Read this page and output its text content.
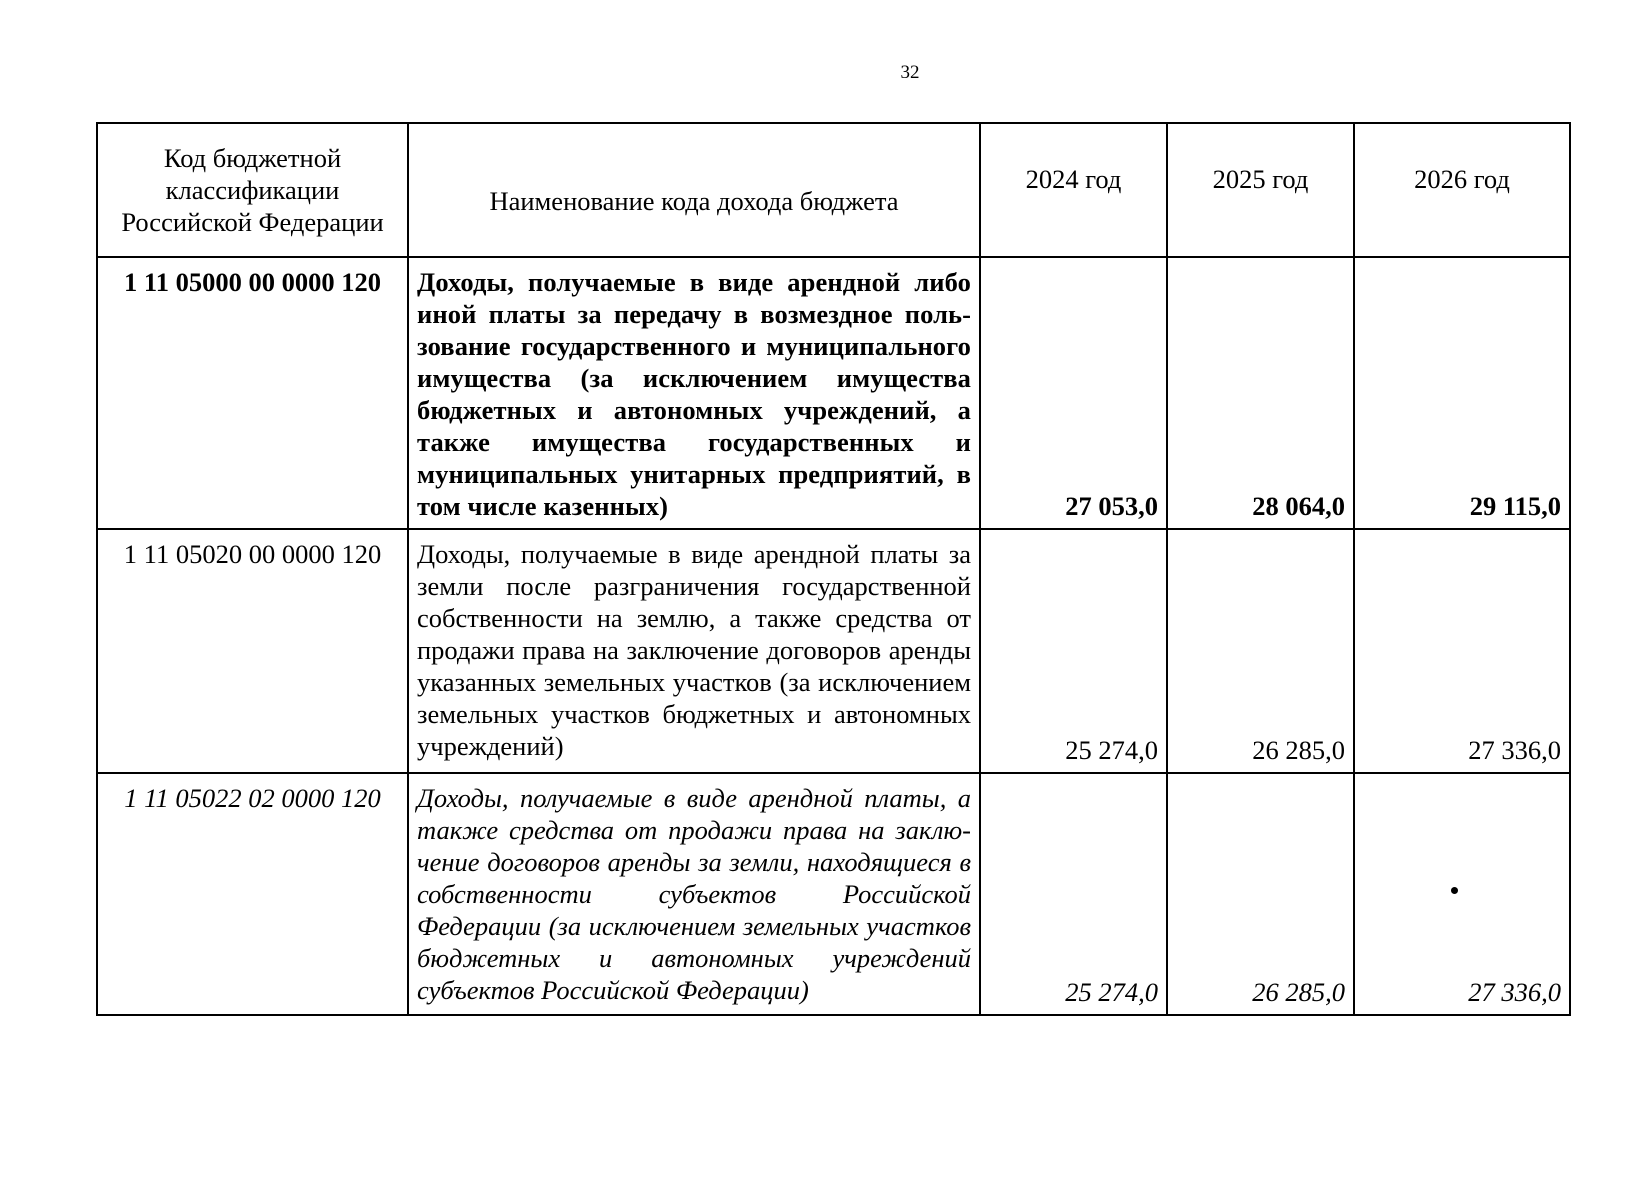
32
Код бюджетной классификации Российской Федерации	Наименование кода дохода бюджета	2024 год	2025 год	2026 год
1 11 05000 00 0000 120	Доходы, получаемые в виде арендной либо иной платы за передачу в возмездное пользование государственного и муниципального имущества (за исключением имущества бюджетных и автономных учреждений, а также имущества государственных и муниципальных унитарных предприятий, в том числе казенных)	27 053,0	28 064,0	29 115,0
1 11 05020 00 0000 120	Доходы, получаемые в виде арендной платы за земли после разграничения государственной собственности на землю, а также средства от продажи права на заключение договоров аренды указанных земельных участков (за исключением земельных участков бюджетных и автономных учреждений)	25 274,0	26 285,0	27 336,0
1 11 05022 02 0000 120	Доходы, получаемые в виде арендной платы, а также средства от продажи права на заключение договоров аренды за земли, находящиеся в собственности субъектов Российской Федерации (за исключением земельных участков бюджетных и автономных учреждений субъектов Российской Федерации)	25 274,0	26 285,0	27 336,0
